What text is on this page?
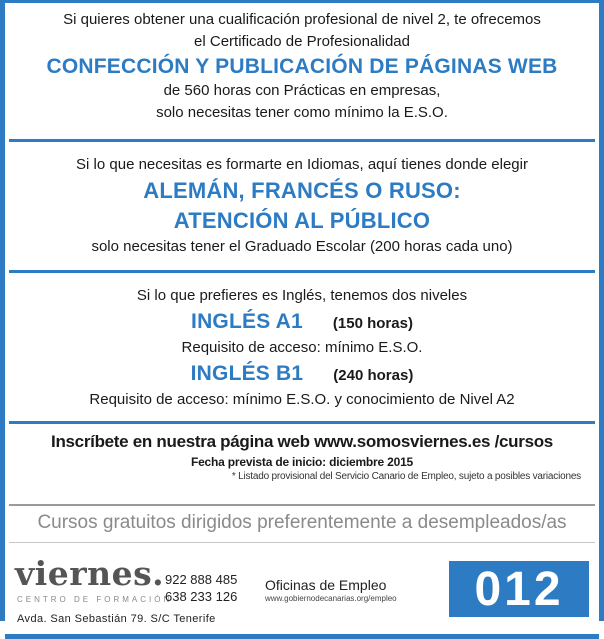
Si quieres obtener una cualificación profesional de nivel 2, te ofrecemos
el Certificado de Profesionalidad
CONFECCIÓN Y PUBLICACIÓN DE PÁGINAS WEB
de 560 horas con Prácticas en empresas,
solo necesitas tener como mínimo la E.S.O.
Si lo que necesitas es formarte en Idiomas, aquí tienes donde elegir
ALEMÁN, FRANCÉS O RUSO:
ATENCIÓN AL PÚBLICO
solo necesitas tener el Graduado Escolar (200 horas cada uno)
Si lo que prefieres es Inglés, tenemos dos niveles
INGLÉS A1 (150 horas)
Requisito de acceso: mínimo E.S.O.
INGLÉS B1 (240 horas)
Requisito de acceso: mínimo E.S.O. y conocimiento de Nivel A2
Inscríbete en nuestra página web www.somosviernes.es /cursos
Fecha prevista de inicio: diciembre 2015
* Listado provisional del Servicio Canario de Empleo, sujeto a posibles variaciones
Cursos gratuitos dirigidos preferentemente a desempleados/as
viernes.
CENTRO DE FORMACIÓN
Avda. San Sebastián 79. S/C Tenerife
922 888 485
638 233 126
Oficinas de Empleo
www.gobiernodecanarias.org/empleo 012
